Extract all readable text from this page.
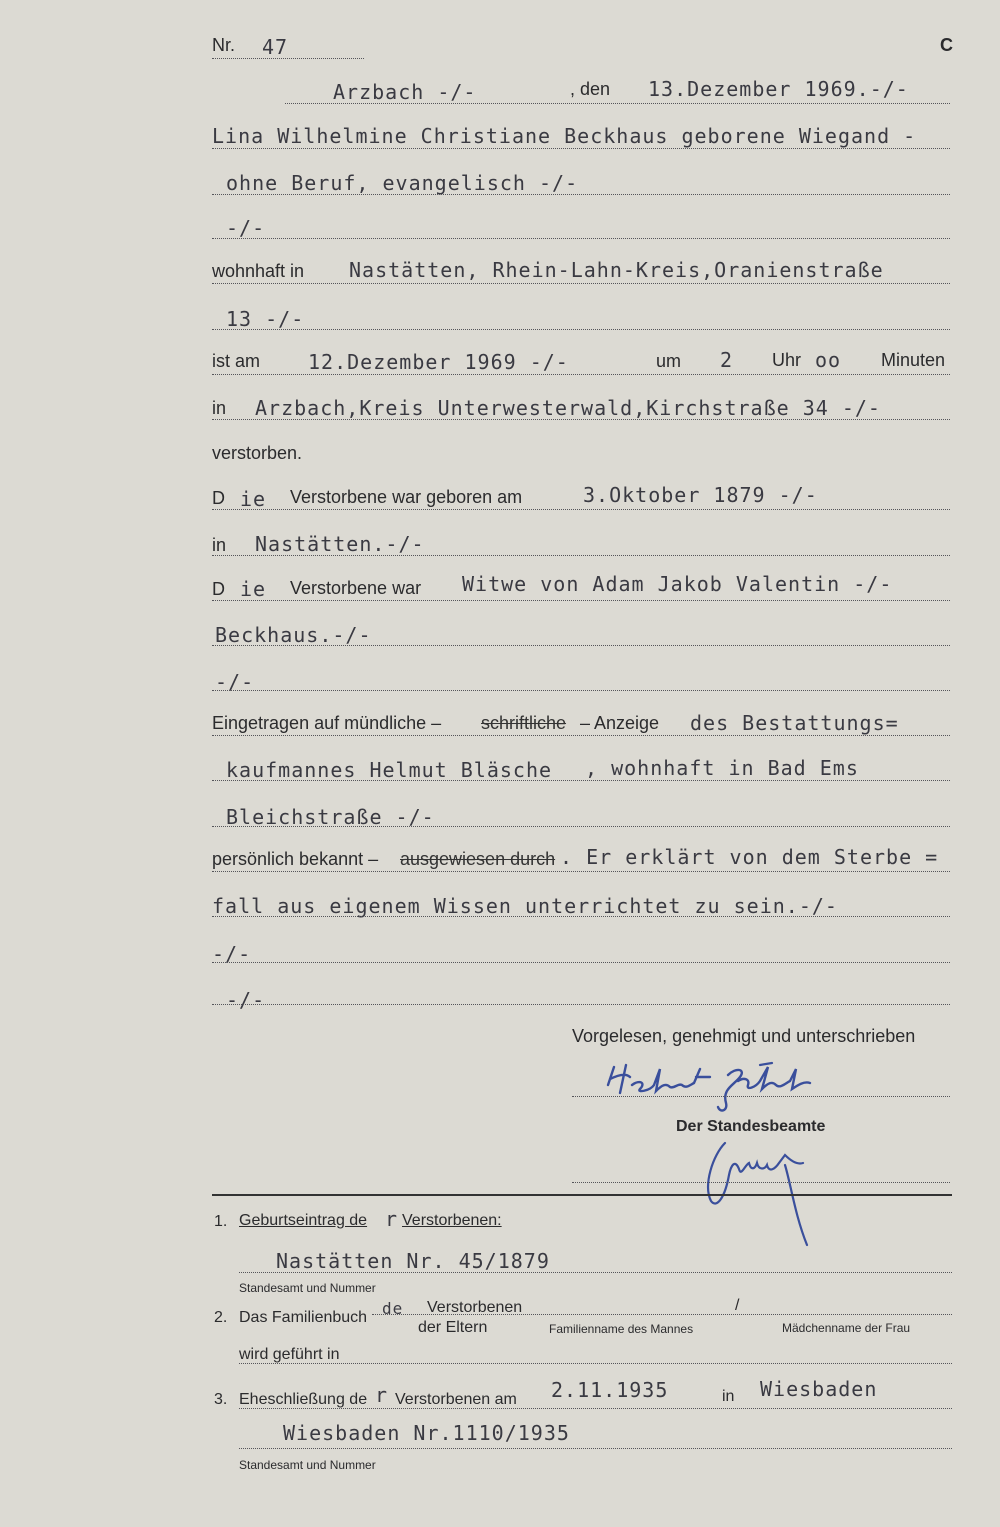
Nr. 47	C
Arzbach -/-	, den 13.Dezember 1969.-/-
Lina Wilhelmine Christiane Beckhaus geborene Wiegand -
ohne Beruf, evangelisch -/-
-/-
wohnhaft in Nastätten, Rhein-Lahn-Kreis,Oranienstraße
13 -/-
ist am 12.Dezember 1969 -/-	um 2 Uhr oo Minuten
in Arzbach,Kreis Unterwesterwald,Kirchstraße 34 -/-
verstorben.
D ie Verstorbene war geboren am	3.Oktober 1879 -/-
in Nastätten.-/-
D ie Verstorbene war Witwe von Adam Jakob Valentin -/-
Beckhaus.-/-
-/-
Eingetragen auf mündliche – schriftliche – Anzeige des Bestattungs=
kaufmannes Helmut Bläsche , wohnhaft in Bad Ems
Bleichstraße -/-
persönlich bekannt – ausgewiesen durch . Er erklärt von dem Sterbe =
fall aus eigenem Wissen unterrichtet zu sein.-/-
-/-
-/-
Vorgelesen, genehmigt und unterschrieben
Der Standesbeamte
1. Geburtseintrag de r Verstorbenen:
Nastätten Nr. 45/1879
Standesamt und Nummer
2. Das Familienbuch de Verstorbenen	/
der Eltern	Familienname des Mannes	Mädchenname der Frau
wird geführt in
3. Eheschließung de r Verstorbenen am 2.11.1935	in Wiesbaden
Wiesbaden Nr.1110/1935
Standesamt und Nummer
